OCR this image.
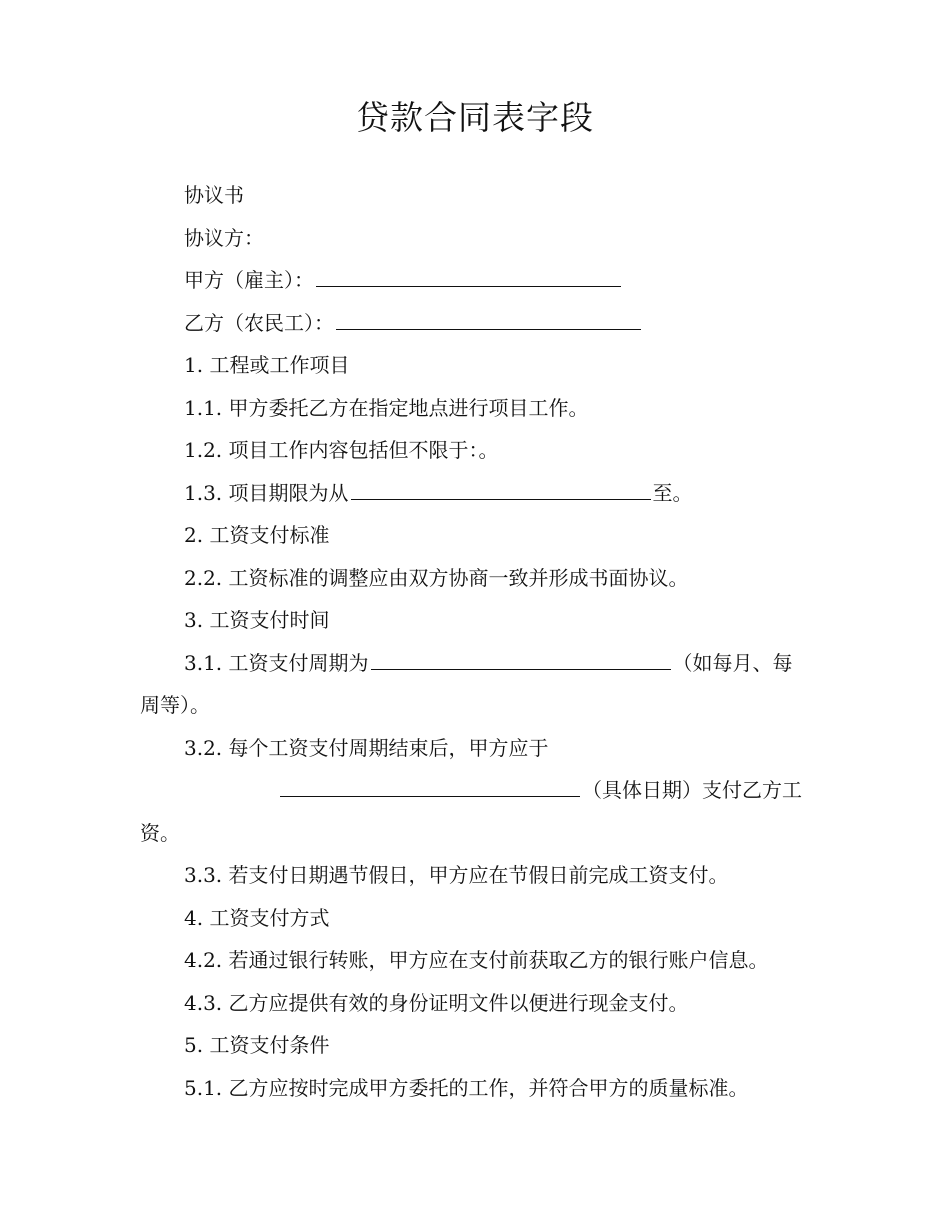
贷款合同表字段

协议书

协议方：

甲方（雇主）：

乙方（农民工）：

1. 工程或工作项目

1.1. 甲方委托乙方在指定地点进行项目工作。

1.2. 项目工作内容包括但不限于：。

1.3. 项目期限为从	至。

2. 工资支付标准

2.2. 工资标准的调整应由双方协商一致并形成书面协议。

3. 工资支付时间

3.1. 工资支付周期为	（如每月、每周等）。

3.2. 每个工资支付周期结束后，甲方应于（具体日期）支付乙方工资。

3.3. 若支付日期遇节假日，甲方应在节假日前完成工资支付。

4. 工资支付方式

4.2. 若通过银行转账，甲方应在支付前获取乙方的银行账户信息。

4.3. 乙方应提供有效的身份证明文件以便进行现金支付。

5. 工资支付条件

5.1. 乙方应按时完成甲方委托的工作，并符合甲方的质量标准。
